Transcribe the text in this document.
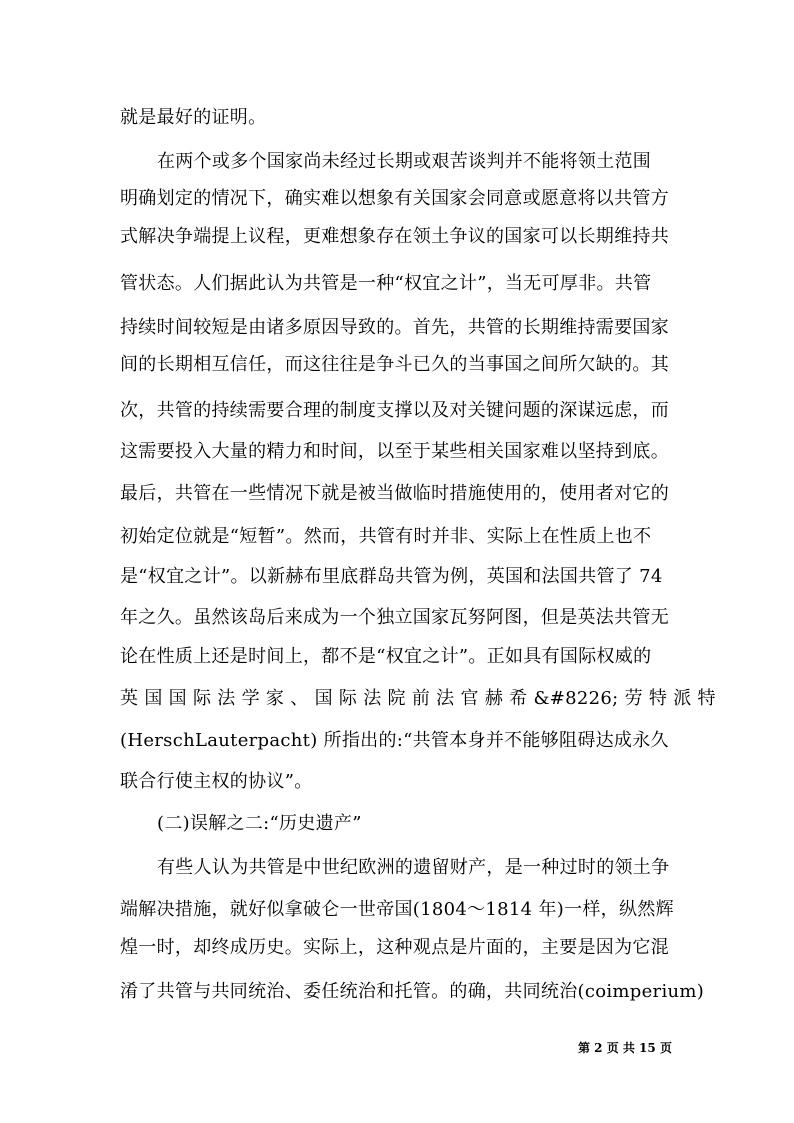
就是最好的证明。
在两个或多个国家尚未经过长期或艰苦谈判并不能将领土范围
明确划定的情况下，确实难以想象有关国家会同意或愿意将以共管方
式解决争端提上议程，更难想象存在领土争议的国家可以长期维持共
管状态。人们据此认为共管是一种“权宜之计”，当无可厚非。共管
持续时间较短是由诸多原因导致的。首先，共管的长期维持需要国家
间的长期相互信任，而这往往是争斗已久的当事国之间所欠缺的。其
次，共管的持续需要合理的制度支撑以及对关键问题的深谋远虑，而
这需要投入大量的精力和时间，以至于某些相关国家难以坚持到底。
最后，共管在一些情况下就是被当做临时措施使用的，使用者对它的
初始定位就是“短暂”。然而，共管有时并非、实际上在性质上也不
是“权宜之计”。以新赫布里底群岛共管为例，英国和法国共管了 74
年之久。虽然该岛后来成为一个独立国家瓦努阿图，但是英法共管无
论在性质上还是时间上，都不是“权宜之计”。正如具有国际权威的
英 国 国 际 法 学 家 、 国 际 法 院 前 法 官 赫 希 &#8226; 劳 特 派 特
(HerschLauterpacht) 所指出的:“共管本身并不能够阻碍达成永久
联合行使主权的协议”。
(二)误解之二:“历史遗产”
有些人认为共管是中世纪欧洲的遗留财产，是一种过时的领土争
端解决措施，就好似拿破仑一世帝国(1804～1814 年)一样，纵然辉
煌一时，却终成历史。实际上，这种观点是片面的，主要是因为它混
淆了共管与共同统治、委任统治和托管。的确，共同统治(coimperium)
第 2 页 共 15 页
